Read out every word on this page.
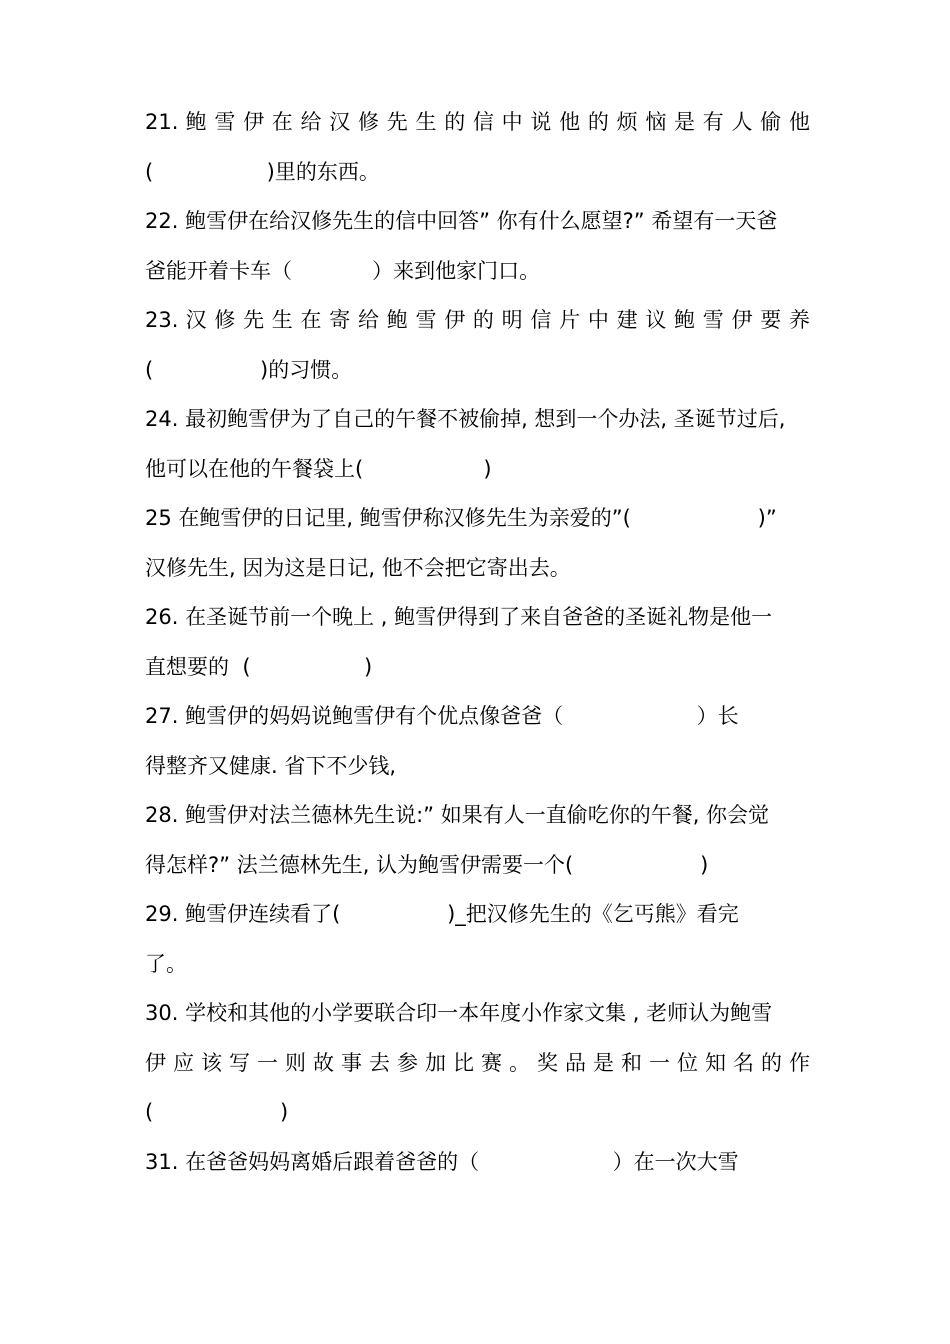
21. 鲍 雪 伊 在 给 汉 修 先 生 的 信 中 说 他 的 烦 恼 是 有 人 偷 他
(                 )里的东西。
22. 鲍雪伊在给汉修先生的信中回答” 你有什么愿望?” 希望有一天爸
爸能开着卡车（            ）来到他家门口。
23. 汉 修 先 生 在 寄 给 鲍 雪 伊 的 明 信 片 中 建 议 鲍 雪 伊 要 养
(                )的习惯。
24. 最初鲍雪伊为了自己的午餐不被偷掉, 想到一个办法, 圣诞节过后,
他可以在他的午餐袋上(                  )
25 在鲍雪伊的日记里, 鲍雪伊称汉修先生为亲爱的”(                   )”
汉修先生, 因为这是日记, 他不会把它寄出去。
26. 在圣诞节前一个晚上 , 鲍雪伊得到了来自爸爸的圣诞礼物是他一
直想要的  (                 )
27. 鲍雪伊的妈妈说鲍雪伊有个优点像爸爸（                    ）长
得整齐又健康. 省下不少钱,
28. 鲍雪伊对法兰德林先生说:” 如果有人一直偷吃你的午餐, 你会觉
得怎样?” 法兰德林先生, 认为鲍雪伊需要一个(                   )
29. 鲍雪伊连续看了(                )_把汉修先生的《乞丐熊》看完
了。
30. 学校和其他的小学要联合印一本年度小作家文集 , 老师认为鲍雪
伊 应 该 写 一 则 故 事 去 参 加 比 赛 。 奖 品 是 和 一 位 知 名 的 作
(                   )
31. 在爸爸妈妈离婚后跟着爸爸的（                    ）在一次大雪
